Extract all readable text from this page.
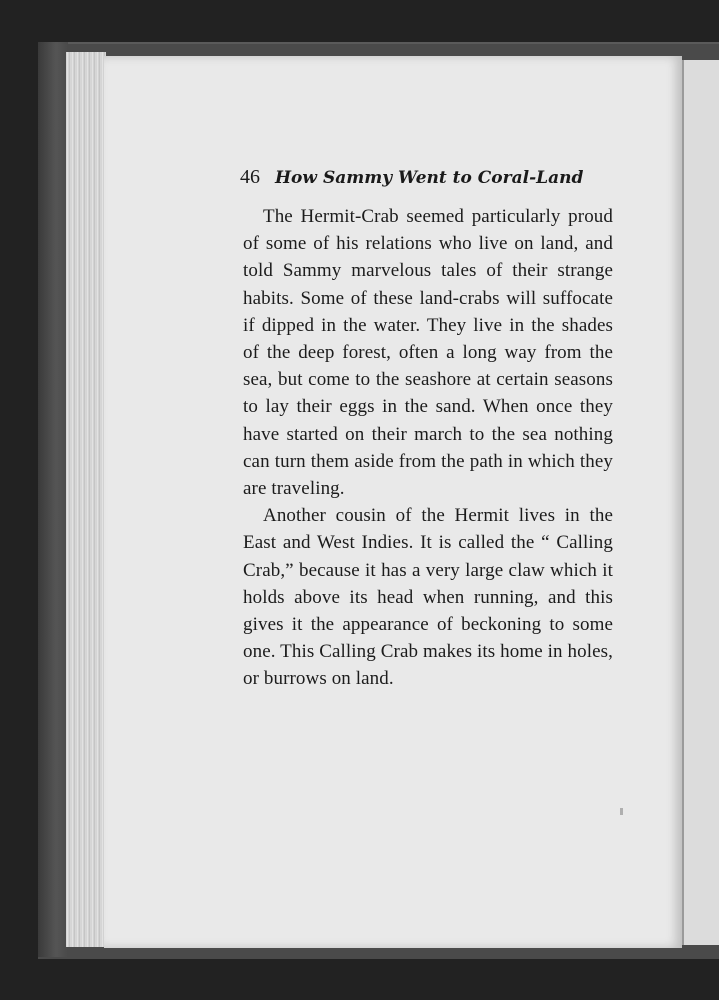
46 How Sammy Went to Coral-Land

The Hermit-Crab seemed particularly proud of some of his relations who live on land, and told Sammy marvelous tales of their strange habits. Some of these land-crabs will suffocate if dipped in the water. They live in the shades of the deep forest, often a long way from the sea, but come to the seashore at certain seasons to lay their eggs in the sand. When once they have started on their march to the sea nothing can turn them aside from the path in which they are traveling.

Another cousin of the Hermit lives in the East and West Indies. It is called the “ Calling Crab,” because it has a very large claw which it holds above its head when running, and this gives it the appearance of beckoning to some one. This Calling Crab makes its home in holes, or burrows on land.
